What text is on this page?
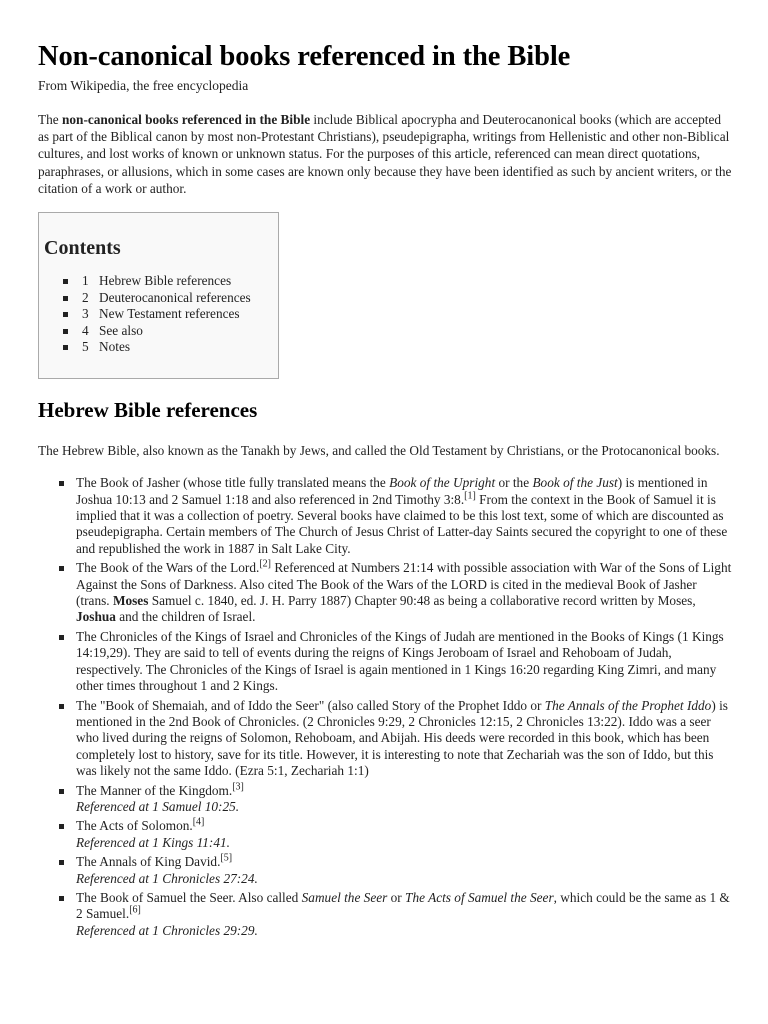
Non-canonical books referenced in the Bible
From Wikipedia, the free encyclopedia

The non-canonical books referenced in the Bible include Biblical apocrypha and Deuterocanonical books (which are accepted as part of the Biblical canon by most non-Protestant Christians), pseudepigrapha, writings from Hellenistic and other non-Biblical cultures, and lost works of known or unknown status. For the purposes of this article, referenced can mean direct quotations, paraphrases, or allusions, which in some cases are known only because they have been identified as such by ancient writers, or the citation of a work or author.

Contents
1 Hebrew Bible references
2 Deuterocanonical references
3 New Testament references
4 See also
5 Notes
Hebrew Bible references

The Hebrew Bible, also known as the Tanakh by Jews, and called the Old Testament by Christians, or the Protocanonical books.

The Book of Jasher (whose title fully translated means the Book of the Upright or the Book of the Just) is mentioned in Joshua 10:13 and 2 Samuel 1:18 and also referenced in 2nd Timothy 3:8.[1] From the context in the Book of Samuel it is implied that it was a collection of poetry. Several books have claimed to be this lost text, some of which are discounted as pseudepigrapha. Certain members of The Church of Jesus Christ of Latter-day Saints secured the copyright to one of these and republished the work in 1887 in Salt Lake City.
The Book of the Wars of the Lord.[2] Referenced at Numbers 21:14 with possible association with War of the Sons of Light Against the Sons of Darkness. Also cited The Book of the Wars of the LORD is cited in the medieval Book of Jasher (trans. Moses Samuel c. 1840, ed. J. H. Parry 1887) Chapter 90:48 as being a collaborative record written by Moses, Joshua and the children of Israel.
The Chronicles of the Kings of Israel and Chronicles of the Kings of Judah are mentioned in the Books of Kings (1 Kings 14:19,29). They are said to tell of events during the reigns of Kings Jeroboam of Israel and Rehoboam of Judah, respectively. The Chronicles of the Kings of Israel is again mentioned in 1 Kings 16:20 regarding King Zimri, and many other times throughout 1 and 2 Kings.
The "Book of Shemaiah, and of Iddo the Seer" (also called Story of the Prophet Iddo or The Annals of the Prophet Iddo) is mentioned in the 2nd Book of Chronicles. (2 Chronicles 9:29, 2 Chronicles 12:15, 2 Chronicles 13:22). Iddo was a seer who lived during the reigns of Solomon, Rehoboam, and Abijah. His deeds were recorded in this book, which has been completely lost to history, save for its title. However, it is interesting to note that Zechariah was the son of Iddo, but this was likely not the same Iddo. (Ezra 5:1, Zechariah 1:1)
The Manner of the Kingdom.[3]
Referenced at 1 Samuel 10:25.
The Acts of Solomon.[4]
Referenced at 1 Kings 11:41.
The Annals of King David.[5]
Referenced at 1 Chronicles 27:24.
The Book of Samuel the Seer. Also called Samuel the Seer or The Acts of Samuel the Seer, which could be the same as 1 & 2 Samuel.[6]
Referenced at 1 Chronicles 29:29.
